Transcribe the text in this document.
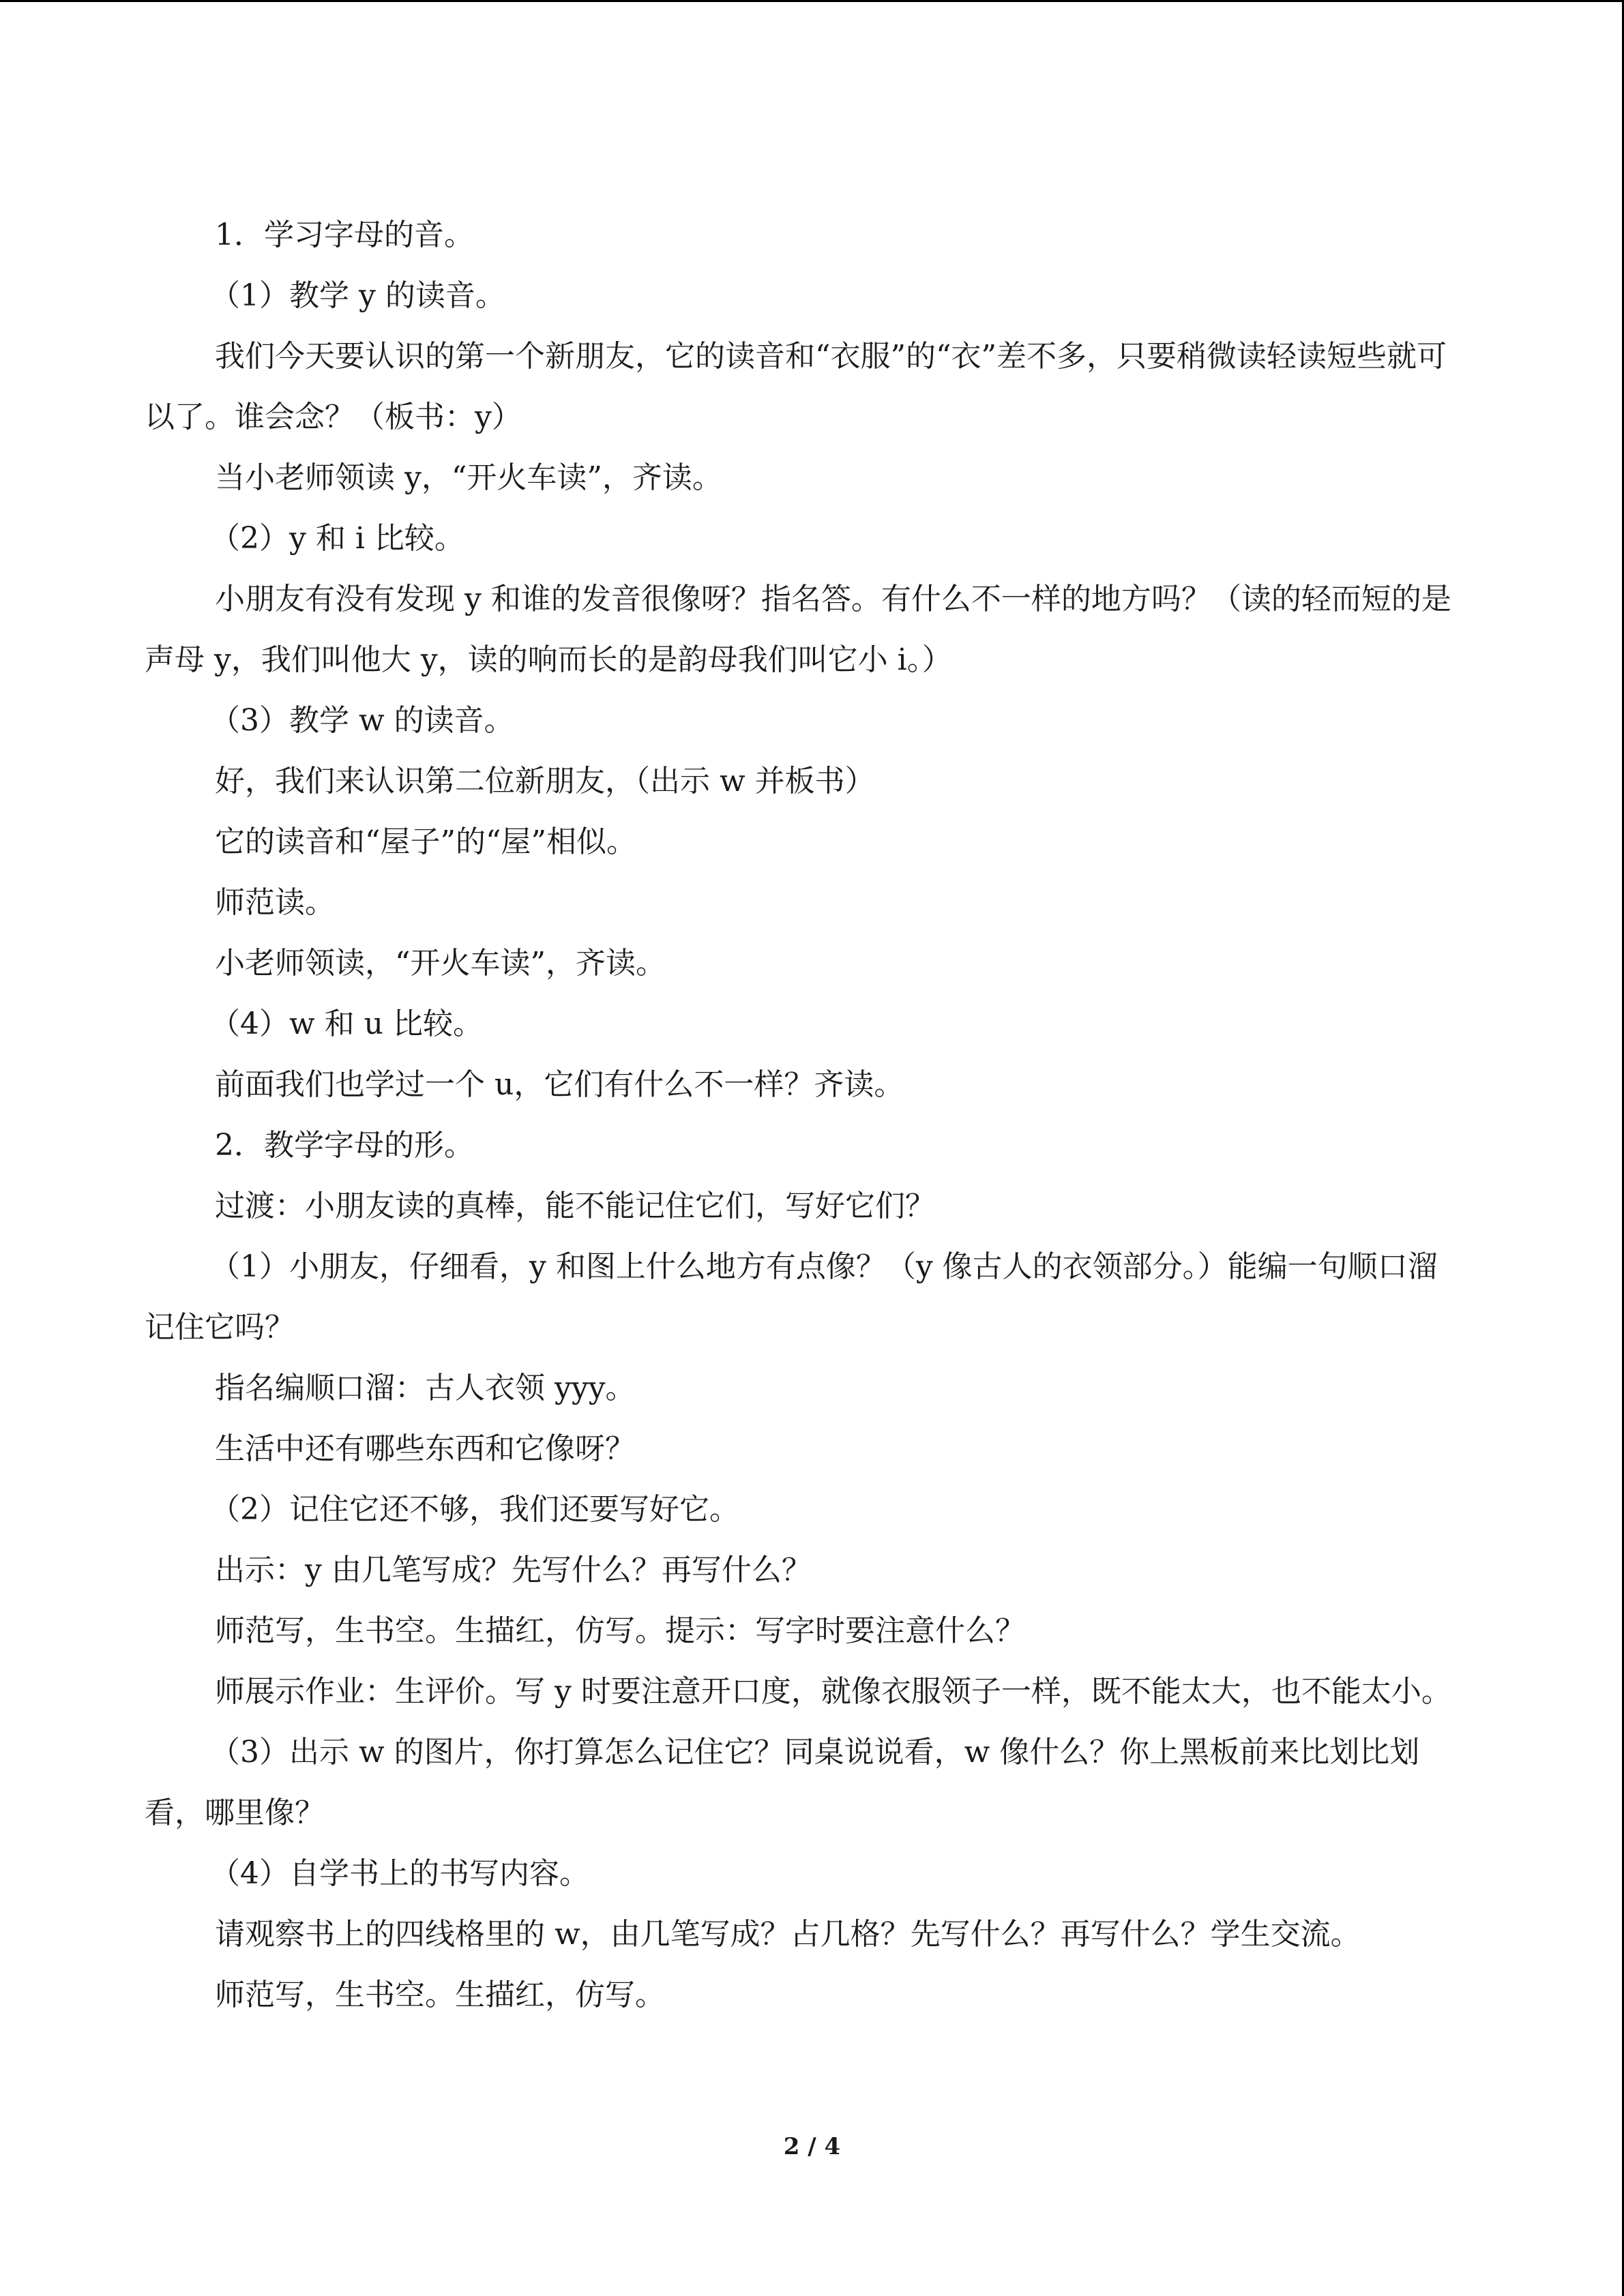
1．学习字母的音。

（1）教学 y 的读音。

我们今天要认识的第一个新朋友，它的读音和“衣服”的“衣”差不多，只要稍微读轻读短些就可以了。谁会念？（板书：y）

当小老师领读 y，“开火车读”，齐读。

（2）y 和 i 比较。

小朋友有没有发现 y 和谁的发音很像呀？指名答。有什么不一样的地方吗？（读的轻而短的是声母 y，我们叫他大 y，读的响而长的是韵母我们叫它小 i。）

（3）教学 w 的读音。

好，我们来认识第二位新朋友，（出示 w 并板书）

它的读音和“屋子”的“屋”相似。

师范读。

小老师领读，“开火车读”，齐读。

（4）w 和 u 比较。

前面我们也学过一个 u，它们有什么不一样？齐读。

2．教学字母的形。

过渡：小朋友读的真棒，能不能记住它们，写好它们？

（1）小朋友，仔细看，y 和图上什么地方有点像？（y 像古人的衣领部分。）能编一句顺口溜记住它吗？

指名编顺口溜：古人衣领 yyy。

生活中还有哪些东西和它像呀？

（2）记住它还不够，我们还要写好它。

出示：y 由几笔写成？先写什么？再写什么？

师范写，生书空。生描红，仿写。提示：写字时要注意什么？

师展示作业：生评价。写 y 时要注意开口度，就像衣服领子一样，既不能太大，也不能太小。

（3）出示 w 的图片，你打算怎么记住它？同桌说说看，w 像什么？你上黑板前来比划比划看，哪里像？

（4）自学书上的书写内容。

请观察书上的四线格里的 w，由几笔写成？占几格？先写什么？再写什么？学生交流。

师范写，生书空。生描红，仿写。

2 / 4
